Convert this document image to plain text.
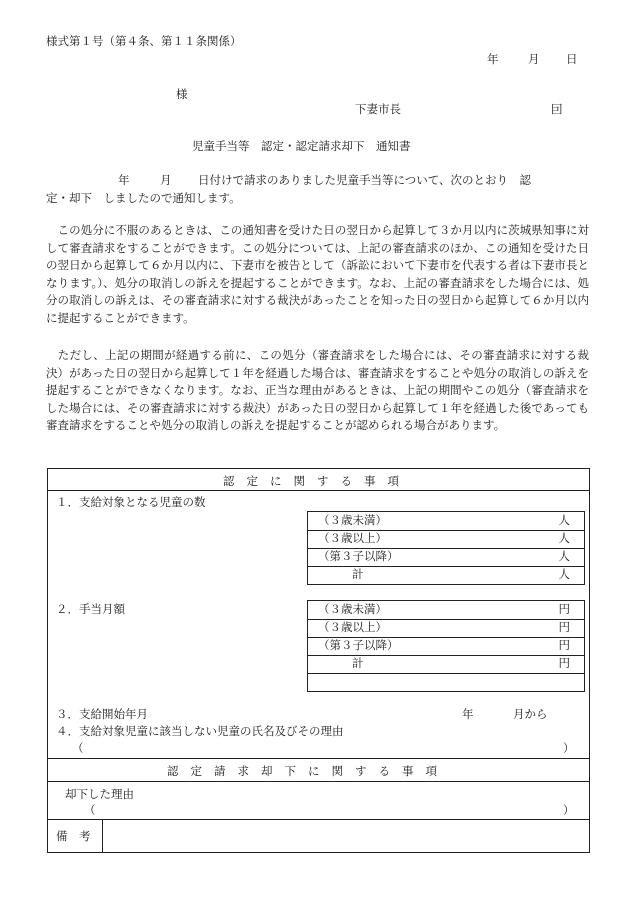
様式第１号（第４条、第１１条関係）
年	月 日
様
下妻市長	囙
児童手当等　認定・認定請求却下　通知書
年	月 日付けで請求のありました児童手当等について、次のとおり　認
定・却下　しましたので通知します。
　この処分に不服のあるときは、この通知書を受けた日の翌日から起算して３か月以内に茨城県知事に対して審査請求をすることができます。この処分については、上記の審査請求のほか、この通知を受けた日の翌日から起算して６か月以内に、下妻市を被告として（訴訟において下妻市を代表する者は下妻市長となります。）、処分の取消しの訴えを提起することができます。なお、上記の審査請求をした場合には、処分の取消しの訴えは、その審査請求に対する裁決があったことを知った日の翌日から起算して６か月以内に提起することができます。
　ただし、上記の期間が経過する前に、この処分（審査請求をした場合には、その審査請求に対する裁決）があった日の翌日から起算して１年を経過した場合は、審査請求をすることや処分の取消しの訴えを提起することができなくなります。なお、正当な理由があるときは、上記の期間やこの処分（審査請求をした場合には、その審査請求に対する裁決）があった日の翌日から起算して１年を経過した後であっても審査請求をすることや処分の取消しの訴えを提起することが認められる場合があります。
認定に関する事項
１．支給対象となる児童の数
（３歳未満）	人
（３歳以上）	人
（第３子以降）	人
計	人
２．手当月額	（３歳未満）	円
（３歳以上）	円
（第３子以降）	円
計	円
３．支給開始年月	年	月から
４．支給対象児童に該当しない児童の氏名及びその理由
（	）
認定請求却下に関する事項
却下した理由
（	）
備　考
